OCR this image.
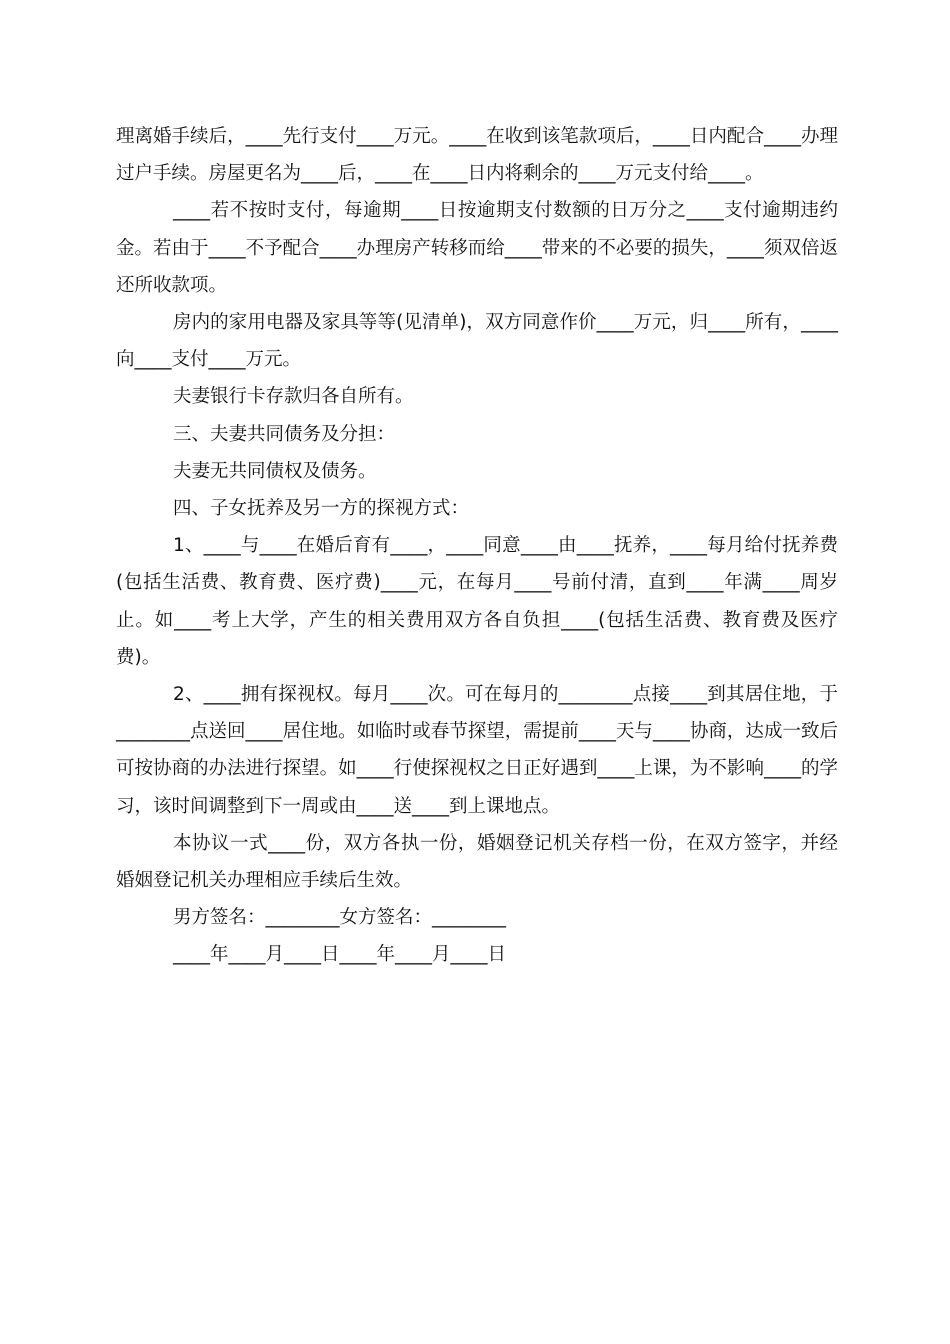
理离婚手续后，____先行支付____万元。____在收到该笔款项后，____日内配合____办理过户手续。房屋更名为____后，____在____日内将剩余的____万元支付给____。

____若不按时支付，每逾期____日按逾期支付数额的日万分之____支付逾期违约金。若由于____不予配合____办理房产转移而给____带来的不必要的损失，____须双倍返还所收款项。

房内的家用电器及家具等等(见清单)，双方同意作价____万元，归____所有，____向____支付____万元。

夫妻银行卡存款归各自所有。

三、夫妻共同债务及分担：

夫妻无共同债权及债务。

四、子女抚养及另一方的探视方式：

1、____与____在婚后育有____，____同意____由____抚养，____每月给付抚养费(包括生活费、教育费、医疗费)____元，在每月____号前付清，直到____年满____周岁止。如____考上大学，产生的相关费用双方各自负担____(包括生活费、教育费及医疗费)。

2、____拥有探视权。每月____次。可在每月的________点接____到其居住地，于________点送回____居住地。如临时或春节探望，需提前____天与____协商，达成一致后可按协商的办法进行探望。如____行使探视权之日正好遇到____上课，为不影响____的学习，该时间调整到下一周或由____送____到上课地点。

本协议一式____份，双方各执一份，婚姻登记机关存档一份，在双方签字，并经婚姻登记机关办理相应手续后生效。

男方签名：________女方签名：________

____年____月____日____年____月____日
